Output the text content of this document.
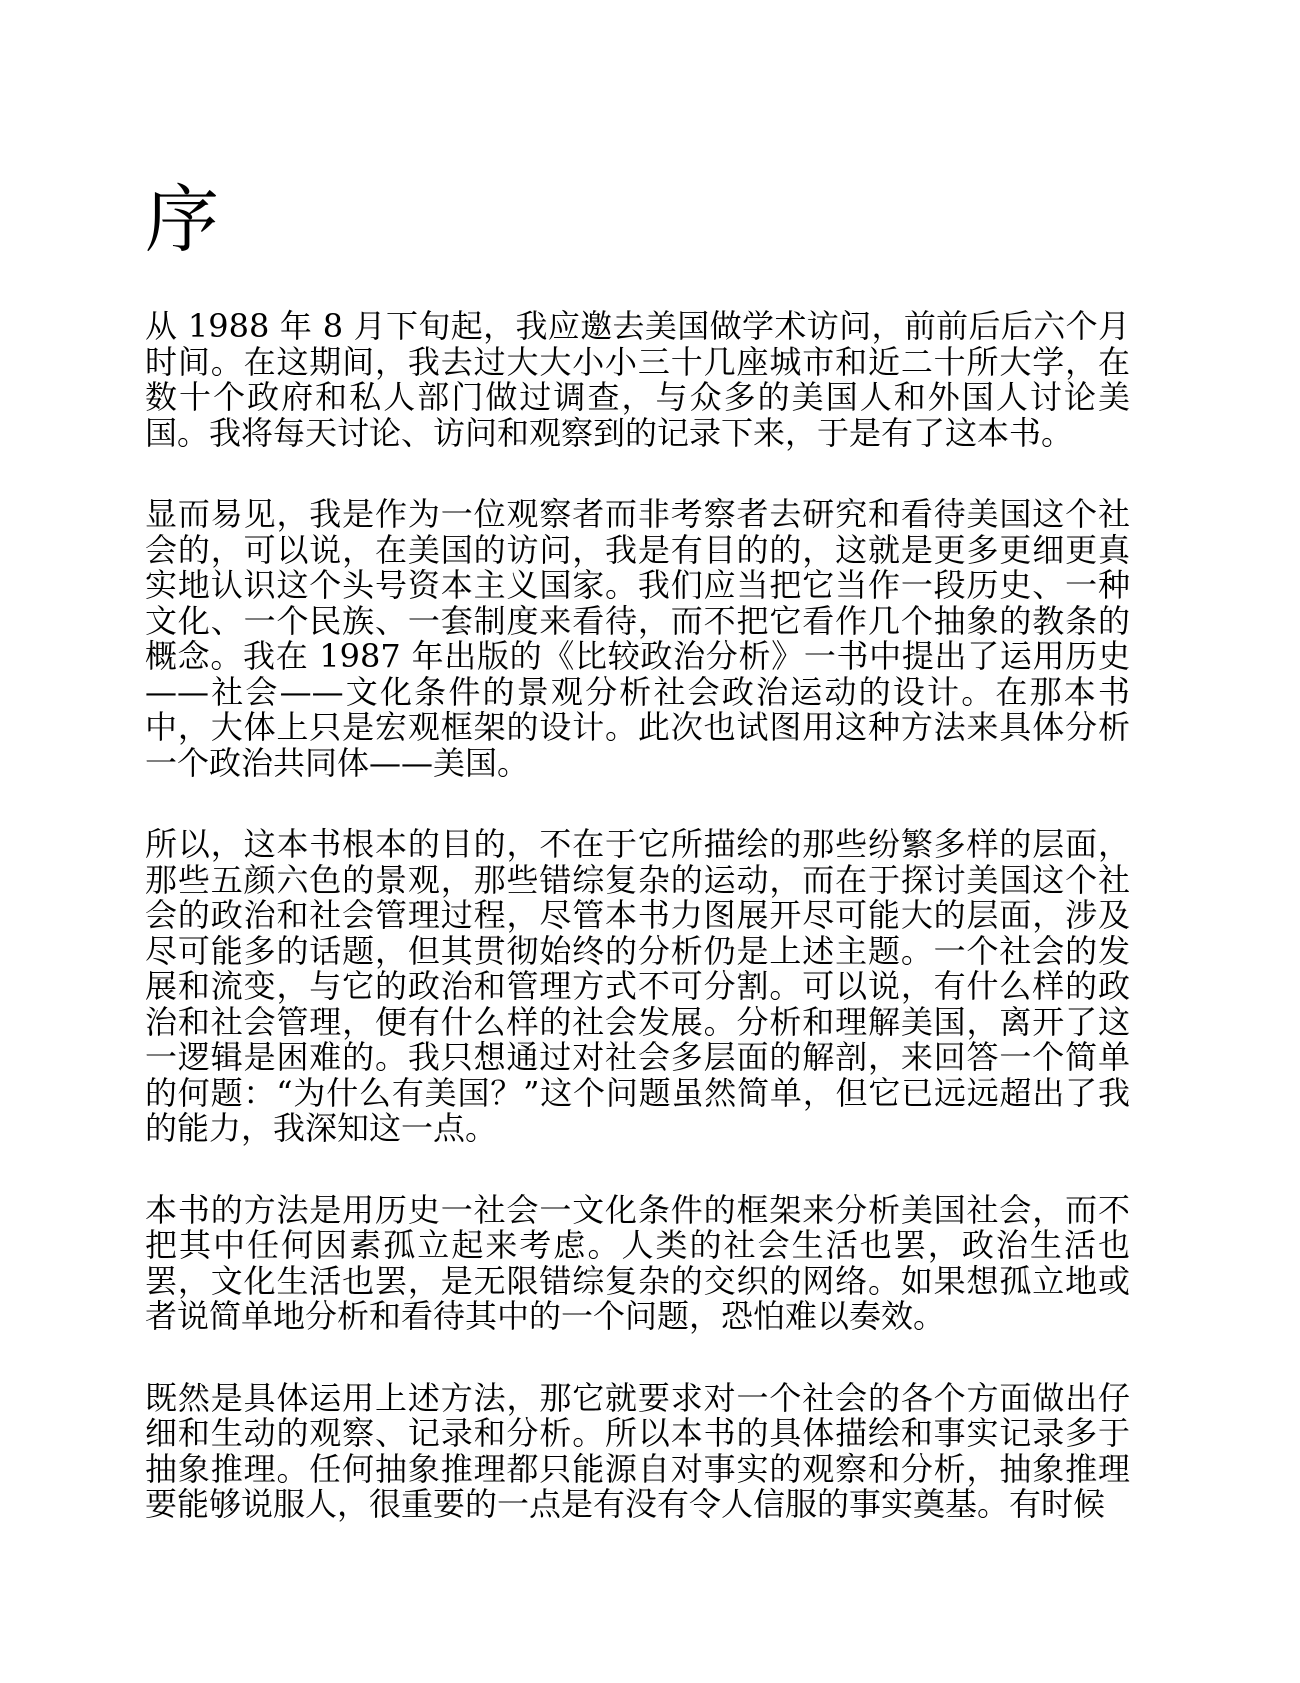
序

从 1988 年 8 月下旬起，我应邀去美国做学术访问，前前后后六个月时间。在这期间，我去过大大小小三十几座城市和近二十所大学，在数十个政府和私人部门做过调查，与众多的美国人和外国人讨论美国。我将每天讨论、访问和观察到的记录下来，于是有了这本书。

显而易见，我是作为一位观察者而非考察者去研究和看待美国这个社会的，可以说，在美国的访问，我是有目的的，这就是更多更细更真实地认识这个头号资本主义国家。我们应当把它当作一段历史、一种文化、一个民族、一套制度来看待，而不把它看作几个抽象的教条的概念。我在 1987 年出版的《比较政治分析》一书中提出了运用历史——社会——文化条件的景观分析社会政治运动的设计。在那本书中，大体上只是宏观框架的设计。此次也试图用这种方法来具体分析一个政治共同体——美国。

所以，这本书根本的目的，不在于它所描绘的那些纷繁多样的层面，那些五颜六色的景观，那些错综复杂的运动，而在于探讨美国这个社会的政治和社会管理过程，尽管本书力图展开尽可能大的层面，涉及尽可能多的话题，但其贯彻始终的分析仍是上述主题。一个社会的发展和流变，与它的政治和管理方式不可分割。可以说，有什么样的政治和社会管理，便有什么样的社会发展。分析和理解美国，离开了这一逻辑是困难的。我只想通过对社会多层面的解剖，来回答一个简单的何题：“为什么有美国？”这个问题虽然简单，但它已远远超出了我的能力，我深知这一点。

本书的方法是用历史一社会一文化条件的框架来分析美国社会，而不把其中任何因素孤立起来考虑。人类的社会生活也罢，政治生活也罢，文化生活也罢，是无限错综复杂的交织的网络。如果想孤立地或者说简单地分析和看待其中的一个问题，恐怕难以奏效。

既然是具体运用上述方法，那它就要求对一个社会的各个方面做出仔细和生动的观察、记录和分析。所以本书的具体描绘和事实记录多于抽象推理。任何抽象推理都只能源自对事实的观察和分析，抽象推理要能够说服人，很重要的一点是有没有令人信服的事实奠基。有时候
